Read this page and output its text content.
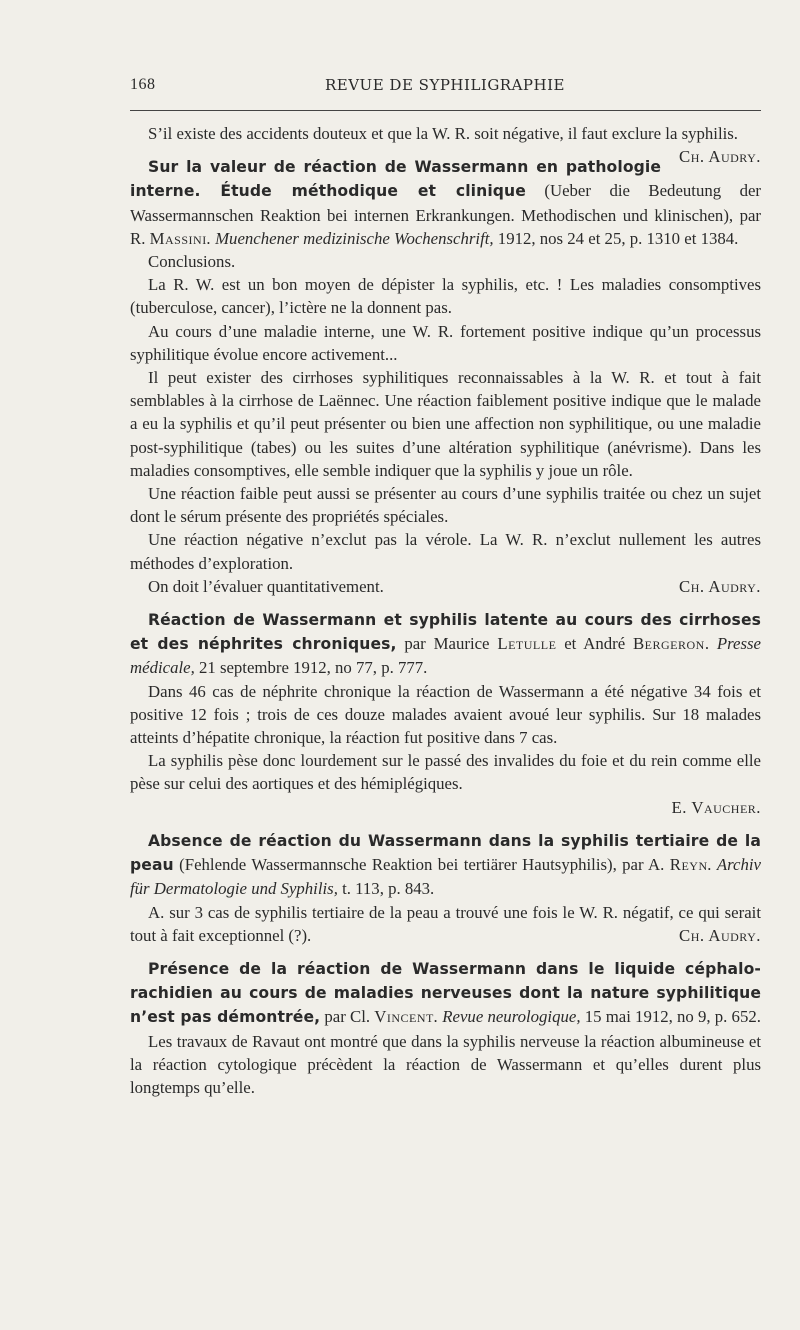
168	REVUE DE SYPHILIGRAPHIE

S’il existe des accidents douteux et que la W. R. soit négative, il faut exclure la syphilis.
Ch. Audry.

Sur la valeur de réaction de Wassermann en pathologie interne. Étude méthodique et clinique (Ueber die Bedeutung der Wassermannschen Reaktion bei internen Erkrankungen. Methodischen und klinischen), par R. Massini. Muenchener medizinische Wochenschrift, 1912, nos 24 et 25, p. 1310 et 1384.

Conclusions.

La R. W. est un bon moyen de dépister la syphilis, etc. ! Les maladies consomptives (tuberculose, cancer), l’ictère ne la donnent pas.

Au cours d’une maladie interne, une W. R. fortement positive indique qu’un processus syphilitique évolue encore activement...

Il peut exister des cirrhoses syphilitiques reconnaissables à la W. R. et tout à fait semblables à la cirrhose de Laënnec. Une réaction faiblement positive indique que le malade a eu la syphilis et qu’il peut présenter ou bien une affection non syphilitique, ou une maladie post-syphilitique (tabes) ou les suites d’une altération syphilitique (anévrisme). Dans les maladies consomptives, elle semble indiquer que la syphilis y joue un rôle.

Une réaction faible peut aussi se présenter au cours d’une syphilis traitée ou chez un sujet dont le sérum présente des propriétés spéciales.

Une réaction négative n’exclut pas la vérole. La W. R. n’exclut nullement les autres méthodes d’exploration.

On doit l’évaluer quantitativement.	Ch. Audry.

Réaction de Wassermann et syphilis latente au cours des cirrhoses et des néphrites chroniques, par Maurice Letulle et André Bergeron. Presse médicale, 21 septembre 1912, no 77, p. 777.

Dans 46 cas de néphrite chronique la réaction de Wassermann a été négative 34 fois et positive 12 fois ; trois de ces douze malades avaient avoué leur syphilis. Sur 18 malades atteints d’hépatite chronique, la réaction fut positive dans 7 cas.

La syphilis pèse donc lourdement sur le passé des invalides du foie et du rein comme elle pèse sur celui des aortiques et des hémiplégiques.

E. Vaucher.

Absence de réaction du Wassermann dans la syphilis tertiaire de la peau (Fehlende Wassermannsche Reaktion bei tertiärer Hautsyphilis), par A. Reyn. Archiv für Dermatologie und Syphilis, t. 113, p. 843.

A. sur 3 cas de syphilis tertiaire de la peau a trouvé une fois le W. R. négatif, ce qui serait tout à fait exceptionnel (?).	Ch. Audry.

Présence de la réaction de Wassermann dans le liquide céphalo-rachidien au cours de maladies nerveuses dont la nature syphilitique n’est pas démontrée, par Cl. Vincent. Revue neurologique, 15 mai 1912, no 9, p. 652.

Les travaux de Ravaut ont montré que dans la syphilis nerveuse la réaction albumineuse et la réaction cytologique précèdent la réaction de Wassermann et qu’elles durent plus longtemps qu’elle.
